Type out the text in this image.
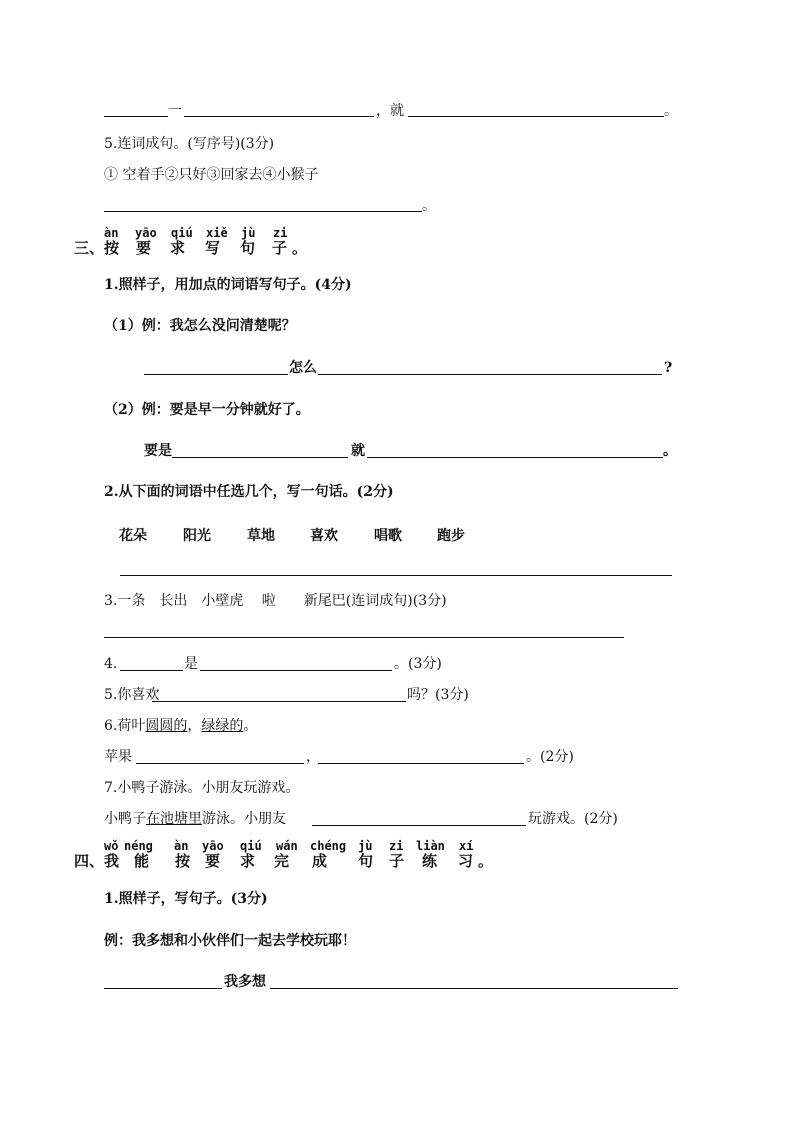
一	，就	。
5.连词成句。(写序号)(3分)
① 空着手②只好③回家去④小猴子
。
àn yāo qiú xiě jù zi
三、 按 要 求 写 句 子 。
1.照样子，用加点的词语写句子。(4分)
（1）例：我怎么没问清楚呢？
怎么	?
（2）例：要是早一分钟就好了。
要是	就	。
2.从下面的词语中任选几个，写一句话。(2分)
花朵	阳光	草地	喜欢	唱歌	跑步
3.一条　长出　小壁虎　 啦　　新尾巴(连词成句)(3分)
4.	是	。(3分)
5.你喜欢	吗？(3分)
6.荷叶圆圆的，绿绿的。
苹果	，	。(2分)
7.小鸭子游泳。小朋友玩游戏。
小鸭子在池塘里游泳。小朋友	玩游戏。(2分)
wǒ néng àn yāo qiú wán chéng jù zi liàn xí
四、 我 能 按 要 求 完 成 句 子 练 习 。
1.照样子，写句子。(3分)
例：我多想和小伙伴们一起去学校玩耶！
我多想
